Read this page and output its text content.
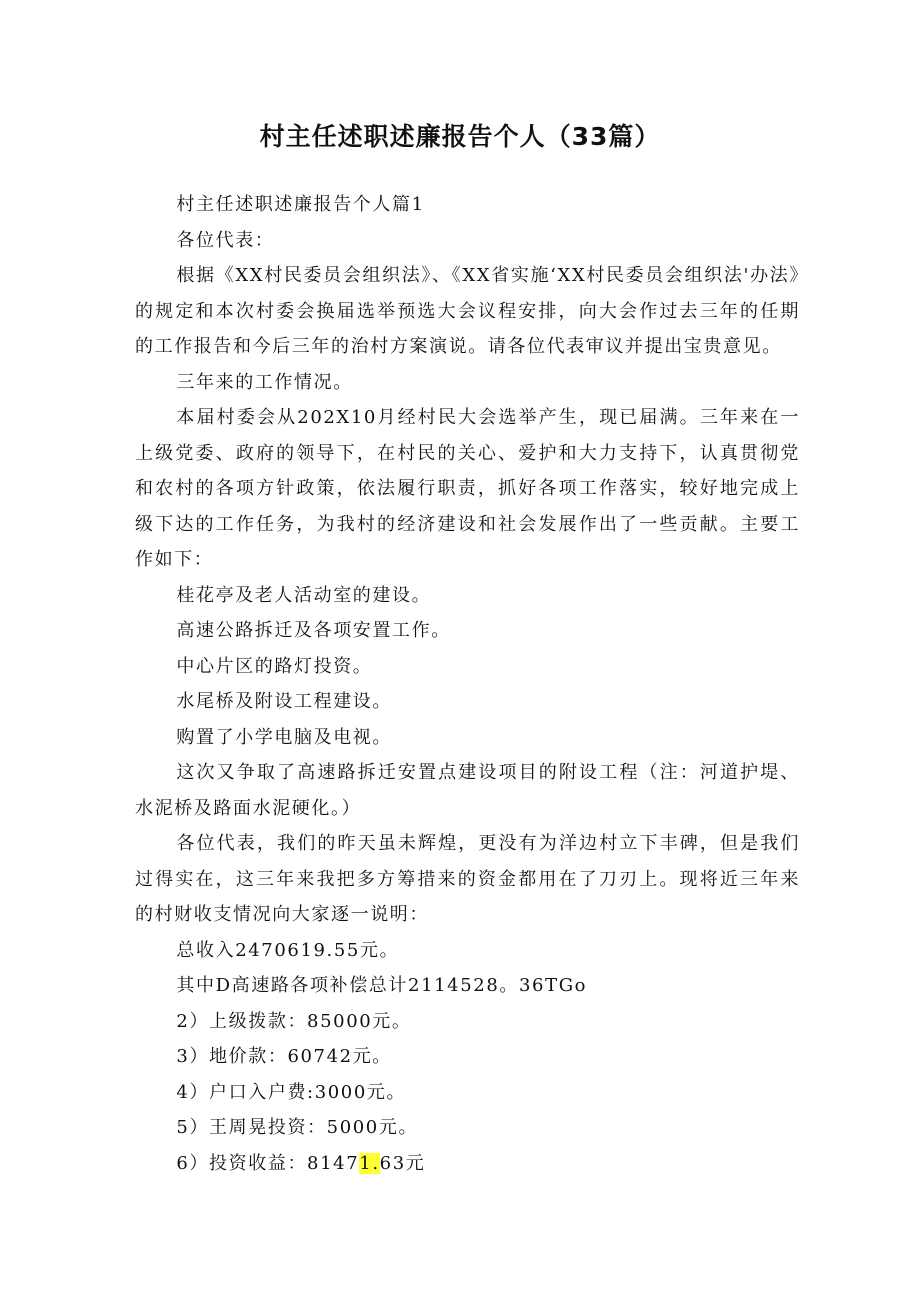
村主任述职述廉报告个人（33篇）

村主任述职述廉报告个人篇1

各位代表：

根据《XX村民委员会组织法》、《XX省实施‘XX村民委员会组织法'办法》的规定和本次村委会换届选举预选大会议程安排，向大会作过去三年的任期的工作报告和今后三年的治村方案演说。请各位代表审议并提出宝贵意见。

三年来的工作情况。

本届村委会从202X10月经村民大会选举产生，现已届满。三年来在一上级党委、政府的领导下，在村民的关心、爱护和大力支持下，认真贯彻党和农村的各项方针政策，依法履行职责，抓好各项工作落实，较好地完成上级下达的工作任务，为我村的经济建设和社会发展作出了一些贡献。主要工作如下：

桂花亭及老人活动室的建设。

高速公路拆迁及各项安置工作。

中心片区的路灯投资。

水尾桥及附设工程建设。

购置了小学电脑及电视。

这次又争取了高速路拆迁安置点建设项目的附设工程（注：河道护堤、水泥桥及路面水泥硬化。）

各位代表，我们的昨天虽未辉煌，更没有为洋边村立下丰碑，但是我们过得实在，这三年来我把多方筹措来的资金都用在了刀刃上。现将近三年来的村财收支情况向大家逐一说明：

总收入2470619.55元。

其中D高速路各项补偿总计2114528。36TGo

2）上级拨款：85000元。

3）地价款：60742元。

4）户口入户费:3000元。

5）王周晃投资：5000元。

6）投资收益：81471.63元
